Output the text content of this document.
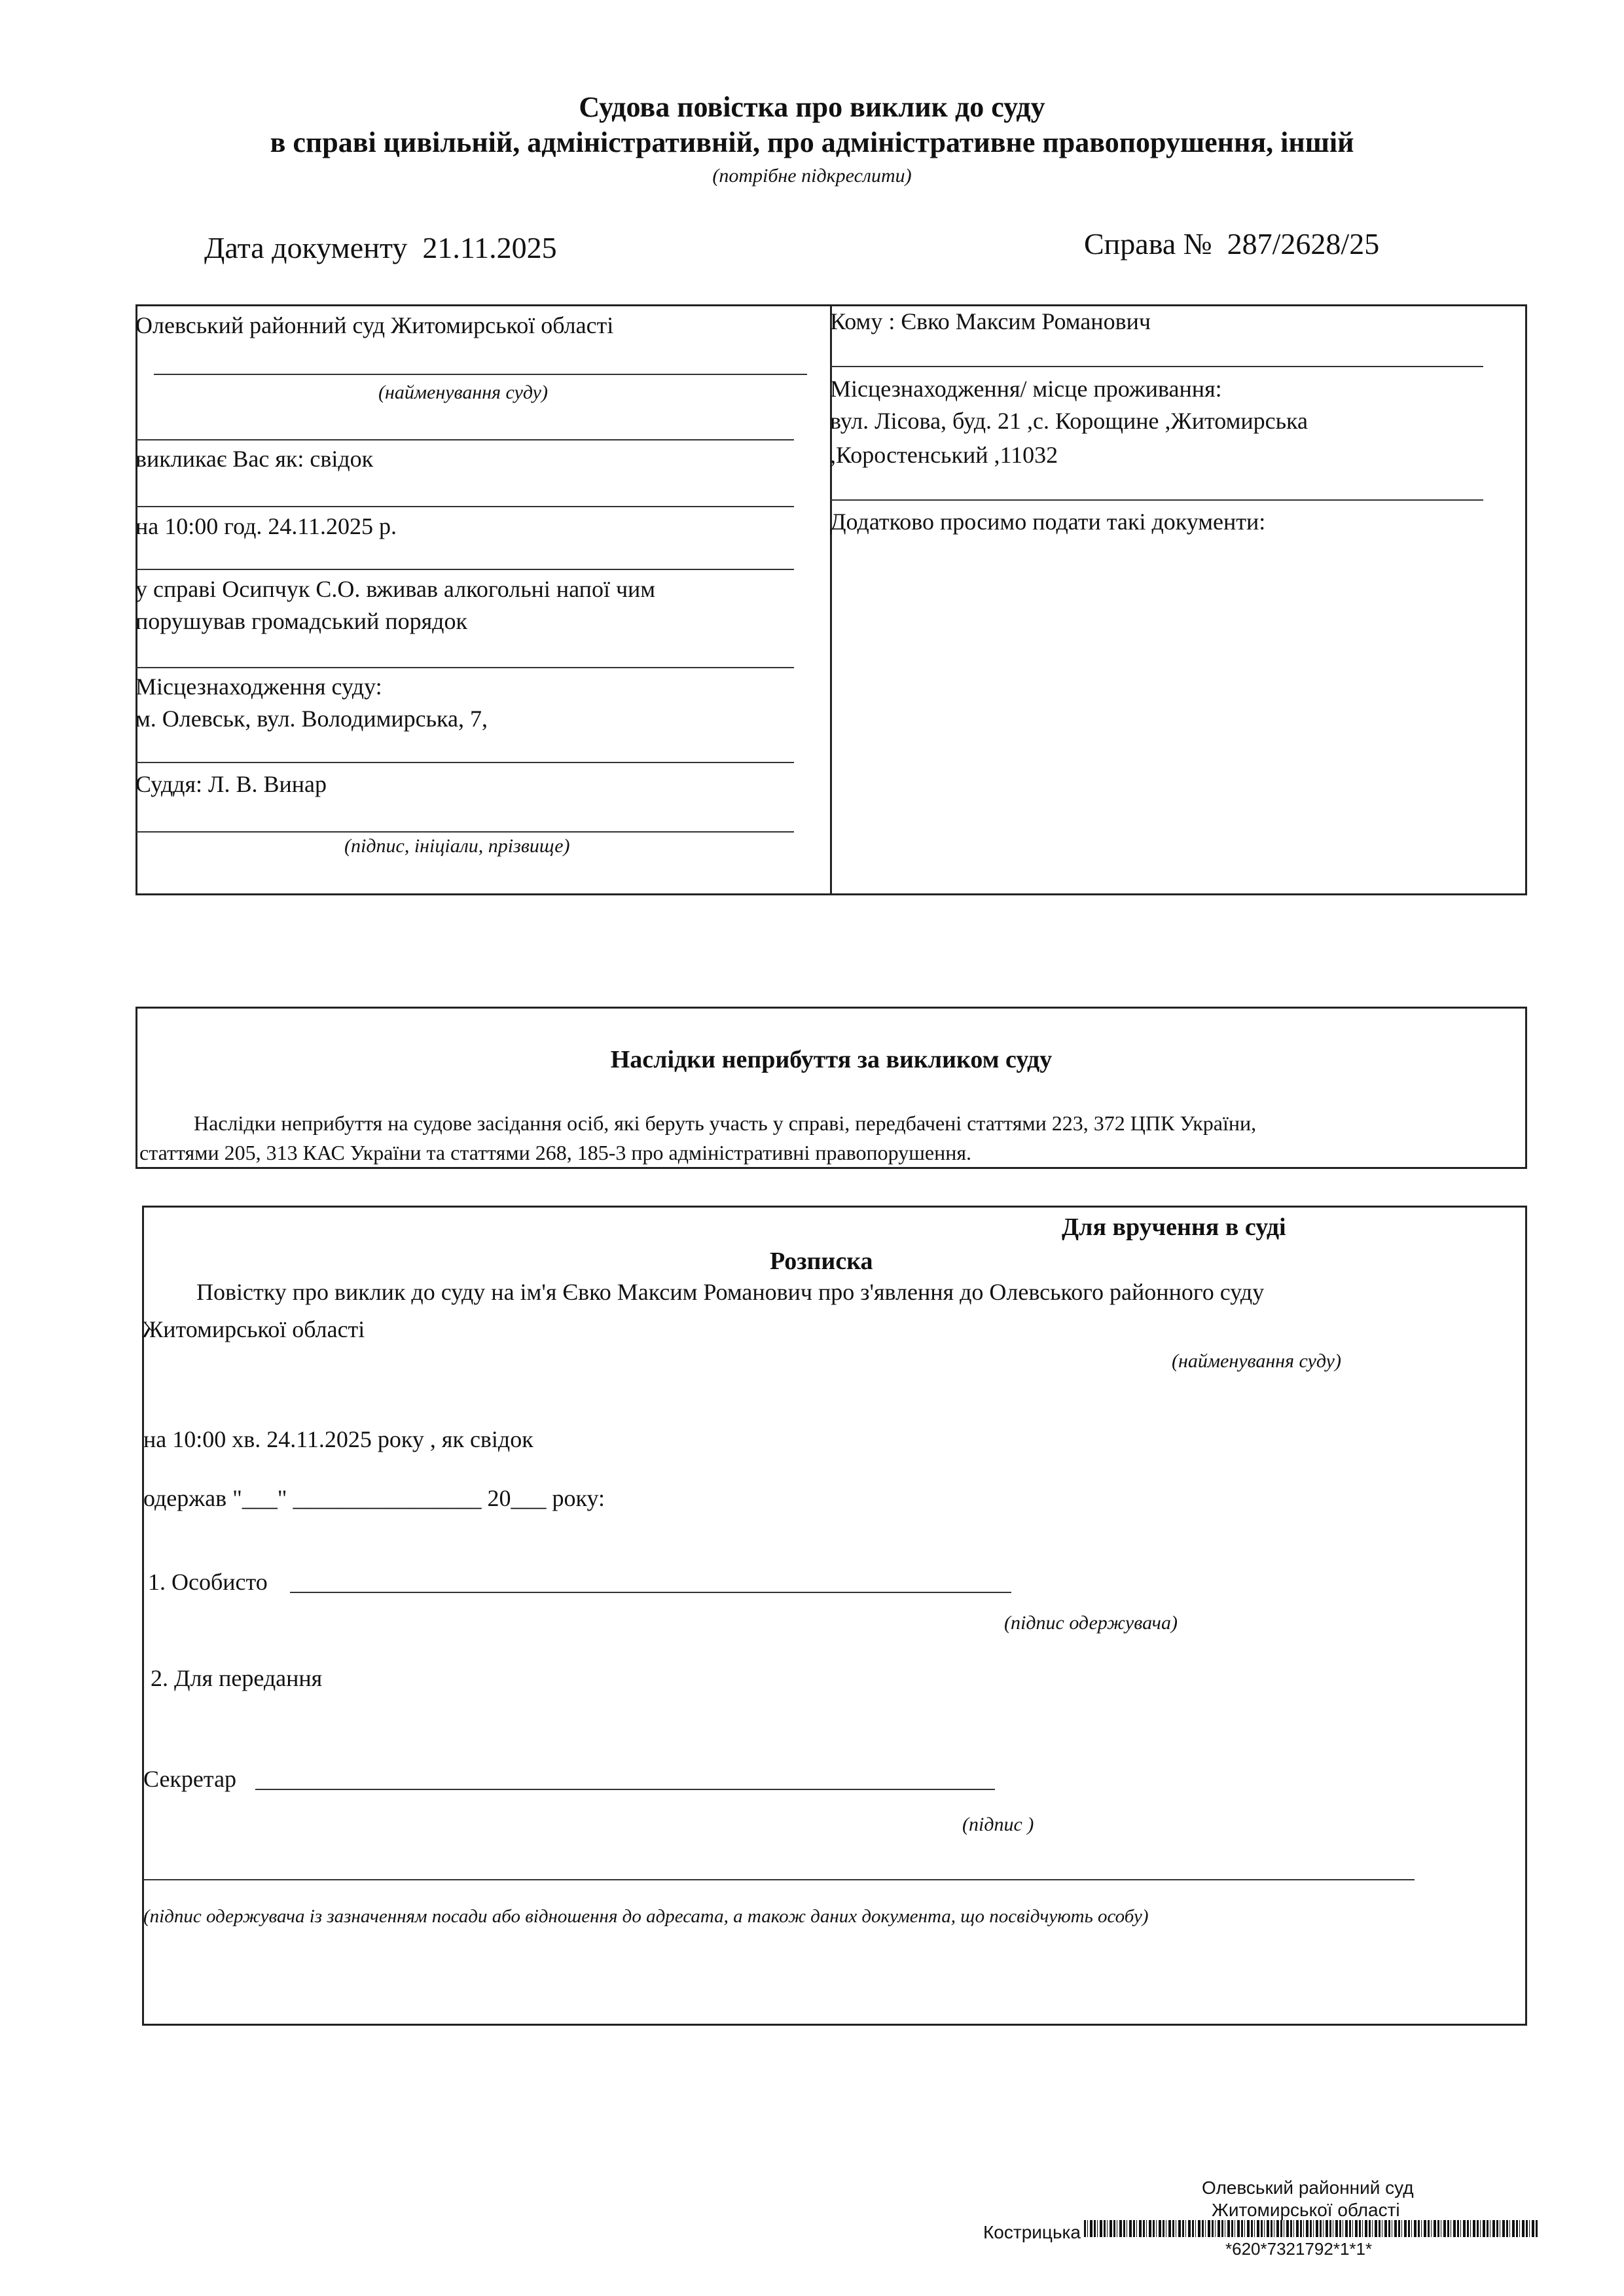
Судова повістка про виклик до суду
в справі цивільній, адміністративній, про адміністративне правопорушення, іншій
(потрібне підкреслити)
Дата документу 21.11.2025	Справа № 287/2628/25
Олевський районний суд Житомирської області
(найменування суду)
викликає Вас як: свідок
на 10:00 год. 24.11.2025 р.
у справі Осипчук С.О. вживав алкогольні напої чим
порушував громадський порядок
Місцезнаходження суду:
м. Олевськ, вул. Володимирська, 7,
Суддя: Л. В. Винар
(підпис, ініціали, прізвище)
Кому : Євко Максим Романович
Місцезнаходження/ місце проживання:
вул. Лісова, буд. 21 ,с. Корощине ,Житомирська
,Коростенський ,11032
Додатково просимо подати такі документи:
Наслідки неприбуття за викликом суду
Наслідки неприбуття на судове засідання осіб, які беруть участь у справі, передбачені статтями 223, 372 ЦПК України,
статтями 205, 313 КАС України та статтями 268, 185-3 про адміністративні правопорушення.
Для вручення в суді
Розписка
Повістку про виклик до суду на ім'я Євко Максим Романович про з'явлення до Олевського районного суду
Житомирської області
(найменування суду)
на 10:00 хв. 24.11.2025 року , як свідок
одержав "___" ________________ 20___ року:
1. Особисто
(підпис одержувача)
2. Для передання
Секретар
(підпис )
(підпис одержувача із зазначенням посади або відношення до адресата, а також даних документа, що посвідчують особу)
Олевський районний суд
Житомирської області
Кострицька
*620*7321792*1*1*
